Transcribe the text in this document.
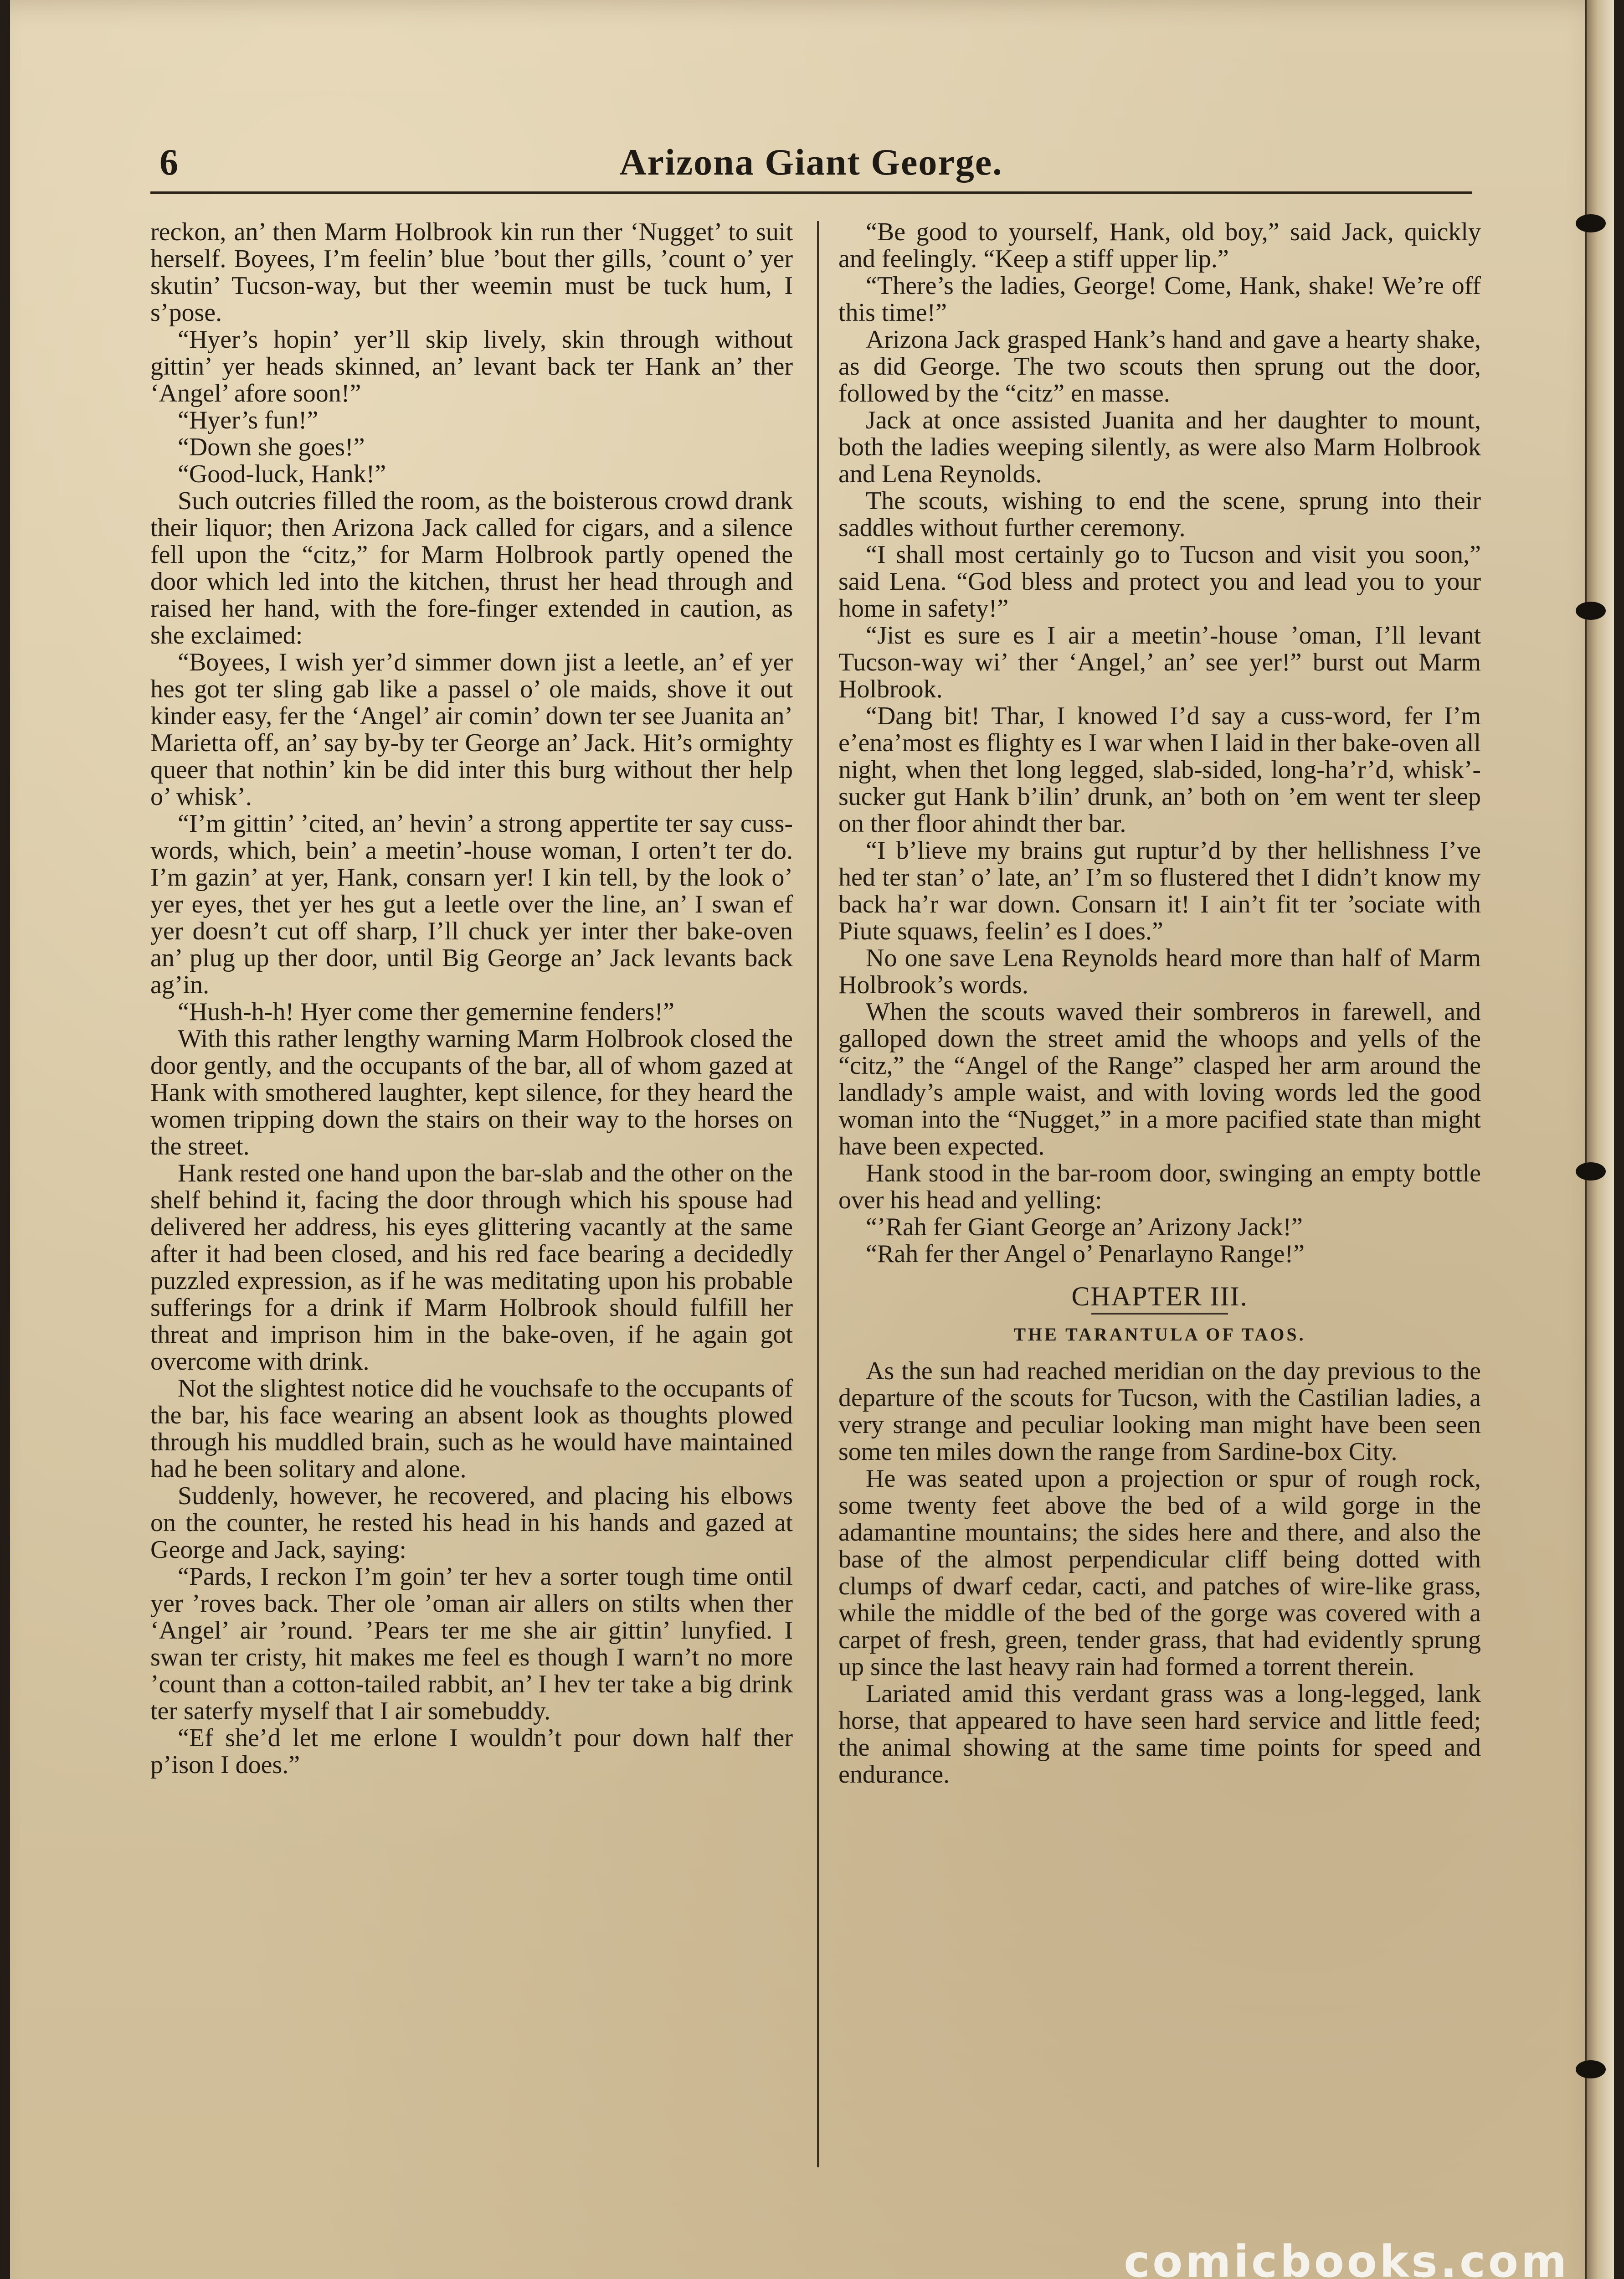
6	Arizona Giant George.

reckon, an’ then Marm Holbrook kin run ther ‘Nugget’ to suit herself. Boyees, I’m feelin’ blue ’bout ther gills, ’count o’ yer skutin’ Tucson-way, but ther weemin must be tuck hum, I s’pose.

“Hyer’s hopin’ yer’ll skip lively, skin through without gittin’ yer heads skinned, an’ levant back ter Hank an’ ther ‘Angel’ afore soon!”

“Hyer’s fun!”

“Down she goes!”

“Good-luck, Hank!”

Such outcries filled the room, as the boisterous crowd drank their liquor; then Arizona Jack called for cigars, and a silence fell upon the “citz,” for Marm Holbrook partly opened the door which led into the kitchen, thrust her head through and raised her hand, with the fore-finger extended in caution, as she exclaimed:

“Boyees, I wish yer’d simmer down jist a leetle, an’ ef yer hes got ter sling gab like a passel o’ ole maids, shove it out kinder easy, fer the ‘Angel’ air comin’ down ter see Juanita an’ Marietta off, an’ say by-by ter George an’ Jack. Hit’s ormighty queer that nothin’ kin be did inter this burg without ther help o’ whisk’.

“I’m gittin’ ’cited, an’ hevin’ a strong appertite ter say cuss-words, which, bein’ a meetin’-house woman, I orten’t ter do. I’m gazin’ at yer, Hank, consarn yer! I kin tell, by the look o’ yer eyes, thet yer hes gut a leetle over the line, an’ I swan ef yer doesn’t cut off sharp, I’ll chuck yer inter ther bake-oven an’ plug up ther door, until Big George an’ Jack levants back ag’in.

“Hush-h-h! Hyer come ther gemernine fenders!”

With this rather lengthy warning Marm Holbrook closed the door gently, and the occupants of the bar, all of whom gazed at Hank with smothered laughter, kept silence, for they heard the women tripping down the stairs on their way to the horses on the street.

Hank rested one hand upon the bar-slab and the other on the shelf behind it, facing the door through which his spouse had delivered her address, his eyes glittering vacantly at the same after it had been closed, and his red face bearing a decidedly puzzled expression, as if he was meditating upon his probable sufferings for a drink if Marm Holbrook should fulfill her threat and imprison him in the bake-oven, if he again got overcome with drink.

Not the slightest notice did he vouchsafe to the occupants of the bar, his face wearing an absent look as thoughts plowed through his muddled brain, such as he would have maintained had he been solitary and alone.

Suddenly, however, he recovered, and placing his elbows on the counter, he rested his head in his hands and gazed at George and Jack, saying:

“Pards, I reckon I’m goin’ ter hev a sorter tough time ontil yer ’roves back. Ther ole ’oman air allers on stilts when ther ‘Angel’ air ’round. ’Pears ter me she air gittin’ lunyfied. I swan ter cristy, hit makes me feel es though I warn’t no more ’count than a cotton-tailed rabbit, an’ I hev ter take a big drink ter saterfy myself that I air somebuddy.

“Ef she’d let me erlone I wouldn’t pour down half ther p’ison I does.”

“Be good to yourself, Hank, old boy,” said Jack, quickly and feelingly. “Keep a stiff upper lip.”

“There’s the ladies, George! Come, Hank, shake! We’re off this time!”

Arizona Jack grasped Hank’s hand and gave a hearty shake, as did George. The two scouts then sprung out the door, followed by the “citz” en masse.

Jack at once assisted Juanita and her daughter to mount, both the ladies weeping silently, as were also Marm Holbrook and Lena Reynolds.

The scouts, wishing to end the scene, sprung into their saddles without further ceremony.

“I shall most certainly go to Tucson and visit you soon,” said Lena. “God bless and protect you and lead you to your home in safety!”

“Jist es sure es I air a meetin’-house ’oman, I’ll levant Tucson-way wi’ ther ‘Angel,’ an’ see yer!” burst out Marm Holbrook.

“Dang bit! Thar, I knowed I’d say a cuss-word, fer I’m e’ena’most es flighty es I war when I laid in ther bake-oven all night, when thet long legged, slab-sided, long-ha’r’d, whisk’-sucker gut Hank b’ilin’ drunk, an’ both on ’em went ter sleep on ther floor ahindt ther bar.

“I b’lieve my brains gut ruptur’d by ther hellishness I’ve hed ter stan’ o’ late, an’ I’m so flustered thet I didn’t know my back ha’r war down. Consarn it! I ain’t fit ter ’sociate with Piute squaws, feelin’ es I does.”

No one save Lena Reynolds heard more than half of Marm Holbrook’s words.

When the scouts waved their sombreros in farewell, and galloped down the street amid the whoops and yells of the “citz,” the “Angel of the Range” clasped her arm around the landlady’s ample waist, and with loving words led the good woman into the “Nugget,” in a more pacified state than might have been expected.

Hank stood in the bar-room door, swinging an empty bottle over his head and yelling:

“’Rah fer Giant George an’ Arizony Jack!”

“Rah fer ther Angel o’ Penarlayno Range!”

CHAPTER III.
THE TARANTULA OF TAOS.

As the sun had reached meridian on the day previous to the departure of the scouts for Tucson, with the Castilian ladies, a very strange and peculiar looking man might have been seen some ten miles down the range from Sardine-box City.

He was seated upon a projection or spur of rough rock, some twenty feet above the bed of a wild gorge in the adamantine mountains; the sides here and there, and also the base of the almost perpendicular cliff being dotted with clumps of dwarf cedar, cacti, and patches of wire-like grass, while the middle of the bed of the gorge was covered with a carpet of fresh, green, tender grass, that had evidently sprung up since the last heavy rain had formed a torrent therein.

Lariated amid this verdant grass was a long-legged, lank horse, that appeared to have seen hard service and little feed; the animal showing at the same time points for speed and endurance.

comicbooks.com
